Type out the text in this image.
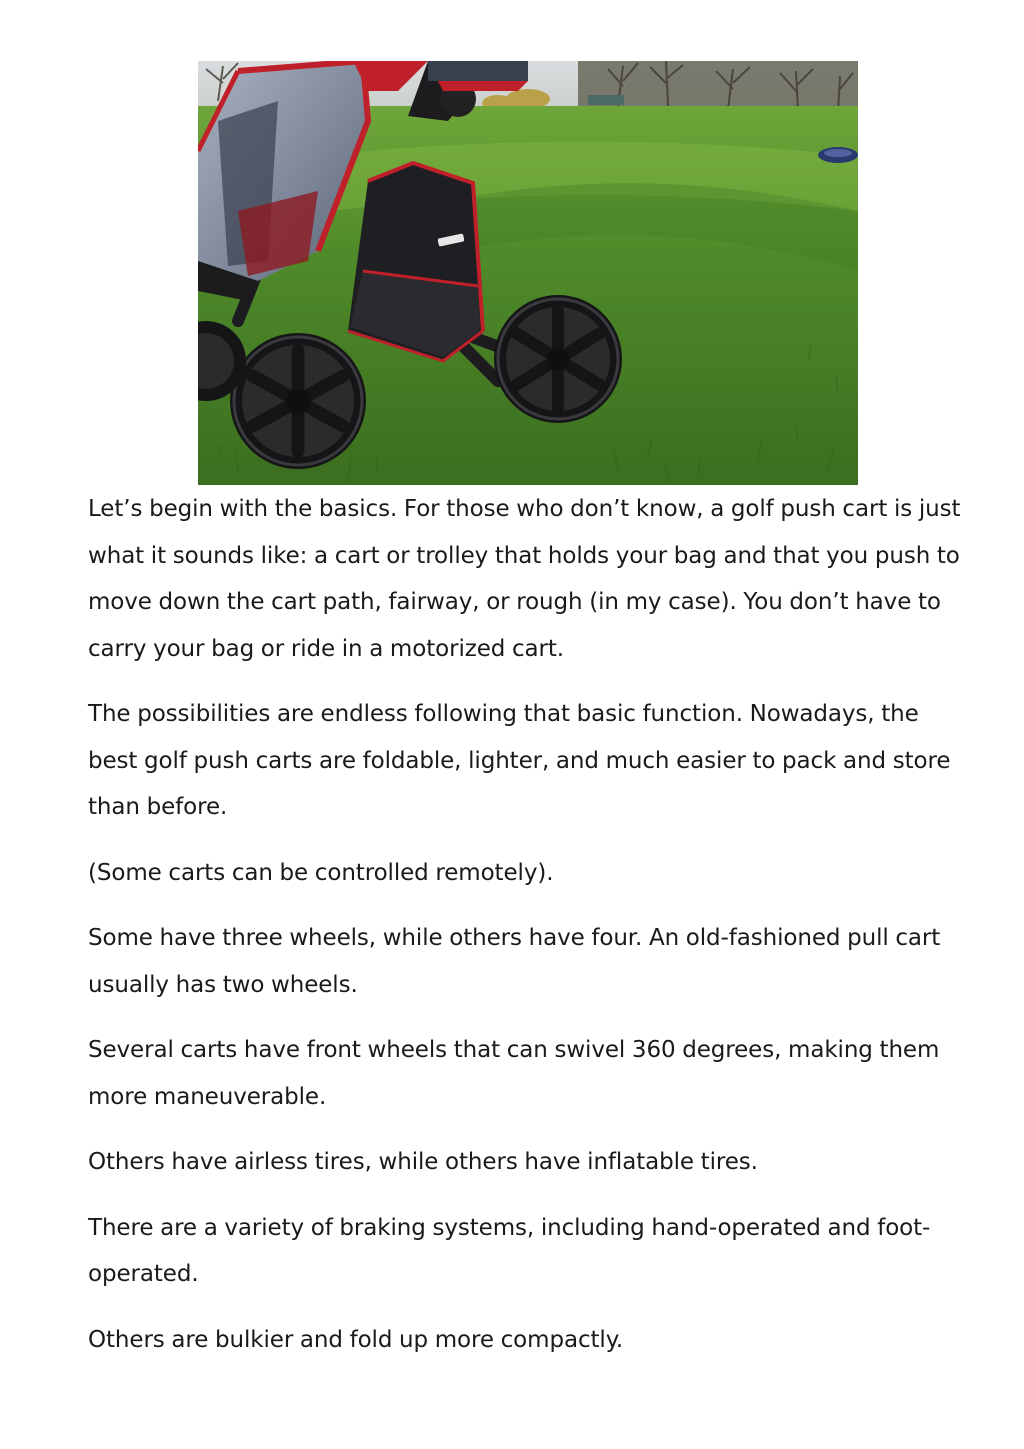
Let’s begin with the basics. For those who don’t know, a golf push cart is just what it sounds like: a cart or trolley that holds your bag and that you push to move down the cart path, fairway, or rough (in my case). You don’t have to carry your bag or ride in a motorized cart.

The possibilities are endless following that basic function. Nowadays, the best golf push carts are foldable, lighter, and much easier to pack and store than before.

(Some carts can be controlled remotely).

Some have three wheels, while others have four. An old-fashioned pull cart usually has two wheels.

Several carts have front wheels that can swivel 360 degrees, making them more maneuverable.

Others have airless tires, while others have inflatable tires.

There are a variety of braking systems, including hand-operated and foot-operated.

Others are bulkier and fold up more compactly.
